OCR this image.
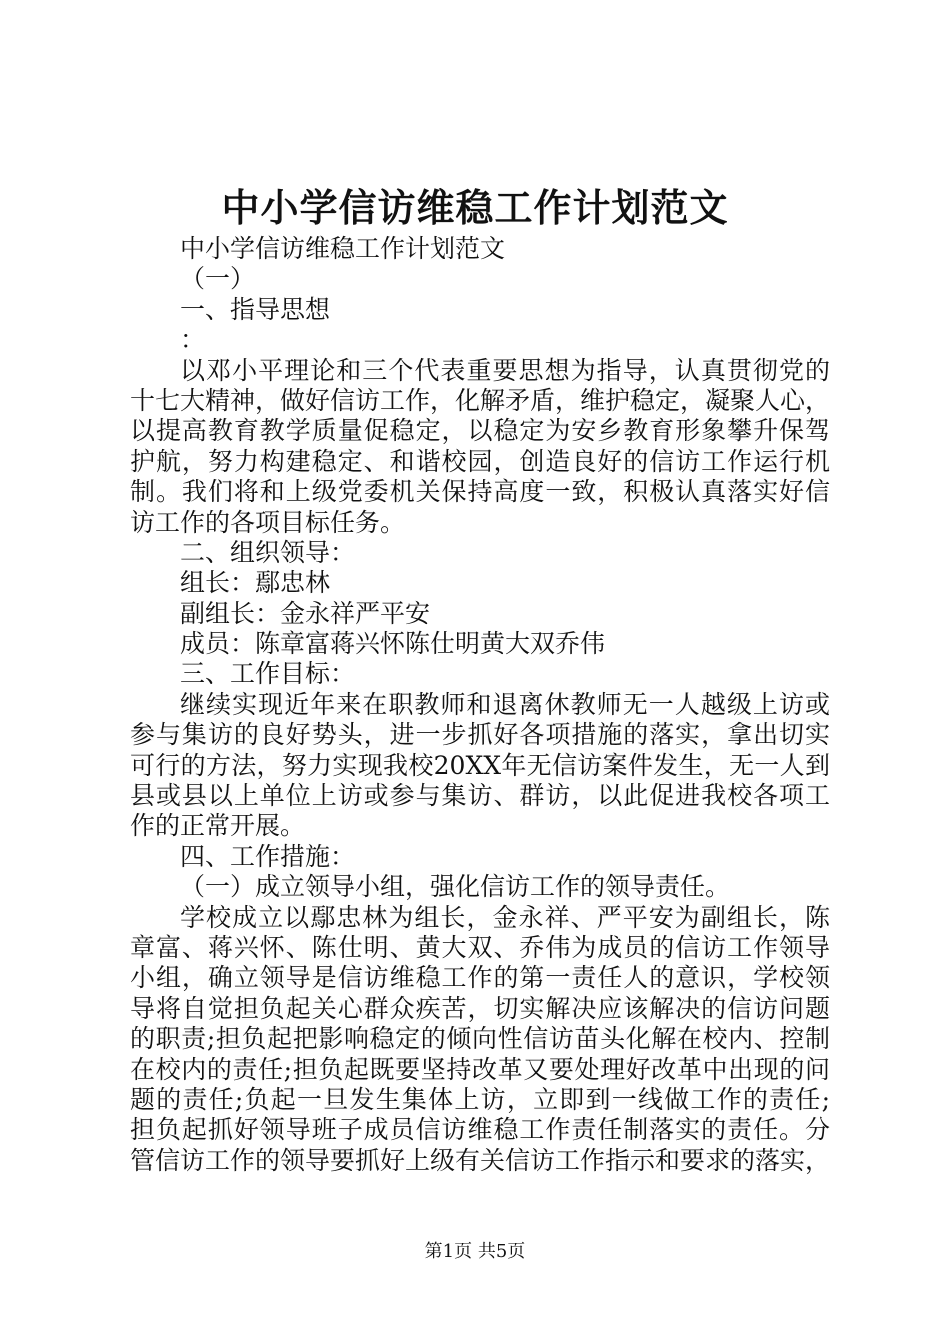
中小学信访维稳工作计划范文
中小学信访维稳工作计划范文
（一）
一、指导思想
：
以邓小平理论和三个代表重要思想为指导，认真贯彻党的
十七大精神，做好信访工作，化解矛盾，维护稳定，凝聚人心，
以提高教育教学质量促稳定，以稳定为安乡教育形象攀升保驾
护航，努力构建稳定、和谐校园，创造良好的信访工作运行机
制。我们将和上级党委机关保持高度一致，积极认真落实好信
访工作的各项目标任务。
二、组织领导：
组长：鄢忠林
副组长：金永祥严平安
成员：陈章富蒋兴怀陈仕明黄大双乔伟
三、工作目标：
继续实现近年来在职教师和退离休教师无一人越级上访或
参与集访的良好势头，进一步抓好各项措施的落实，拿出切实
可行的方法，努力实现我校20XX年无信访案件发生，无一人到
县或县以上单位上访或参与集访、群访，以此促进我校各项工
作的正常开展。
四、工作措施：
（一）成立领导小组，强化信访工作的领导责任。
学校成立以鄢忠林为组长，金永祥、严平安为副组长，陈
章富、蒋兴怀、陈仕明、黄大双、乔伟为成员的信访工作领导
小组，确立领导是信访维稳工作的第一责任人的意识，学校领
导将自觉担负起关心群众疾苦，切实解决应该解决的信访问题
的职责;担负起把影响稳定的倾向性信访苗头化解在校内、控制
在校内的责任;担负起既要坚持改革又要处理好改革中出现的问
题的责任;负起一旦发生集体上访，立即到一线做工作的责任;
担负起抓好领导班子成员信访维稳工作责任制落实的责任。分
管信访工作的领导要抓好上级有关信访工作指示和要求的落实，
第1页 共5页
